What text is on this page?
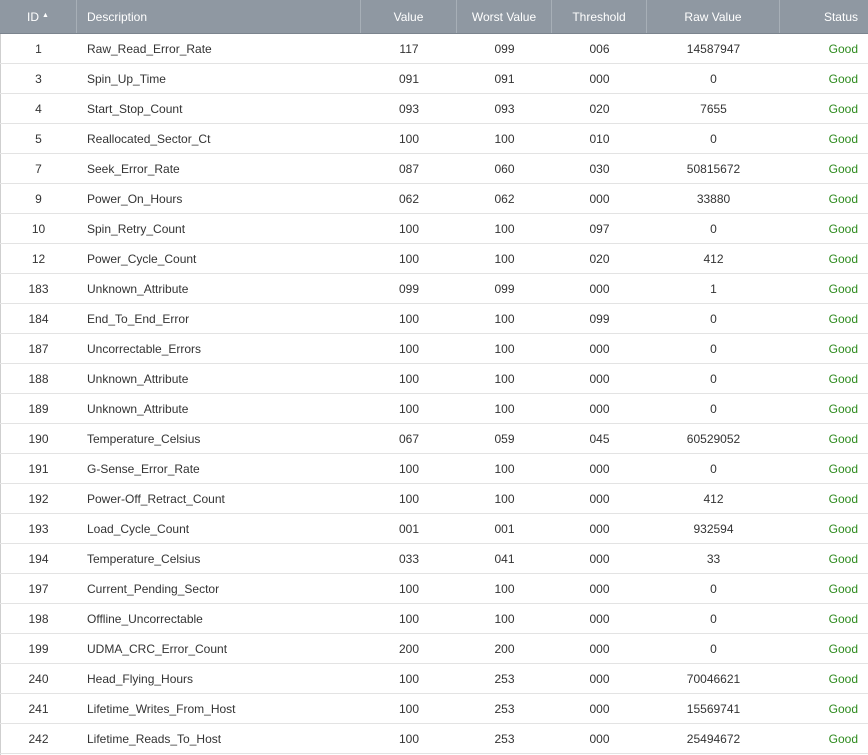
ID ▲	Description	Value	Worst Value	Threshold	Raw Value	Status
1	Raw_Read_Error_Rate	117	099	006	14587947	Good
3	Spin_Up_Time	091	091	000	0	Good
4	Start_Stop_Count	093	093	020	7655	Good
5	Reallocated_Sector_Ct	100	100	010	0	Good
7	Seek_Error_Rate	087	060	030	50815672	Good
9	Power_On_Hours	062	062	000	33880	Good
10	Spin_Retry_Count	100	100	097	0	Good
12	Power_Cycle_Count	100	100	020	412	Good
183	Unknown_Attribute	099	099	000	1	Good
184	End_To_End_Error	100	100	099	0	Good
187	Uncorrectable_Errors	100	100	000	0	Good
188	Unknown_Attribute	100	100	000	0	Good
189	Unknown_Attribute	100	100	000	0	Good
190	Temperature_Celsius	067	059	045	60529052	Good
191	G-Sense_Error_Rate	100	100	000	0	Good
192	Power-Off_Retract_Count	100	100	000	412	Good
193	Load_Cycle_Count	001	001	000	932594	Good
194	Temperature_Celsius	033	041	000	33	Good
197	Current_Pending_Sector	100	100	000	0	Good
198	Offline_Uncorrectable	100	100	000	0	Good
199	UDMA_CRC_Error_Count	200	200	000	0	Good
240	Head_Flying_Hours	100	253	000	70046621	Good
241	Lifetime_Writes_From_Host	100	253	000	15569741	Good
242	Lifetime_Reads_To_Host	100	253	000	25494672	Good
